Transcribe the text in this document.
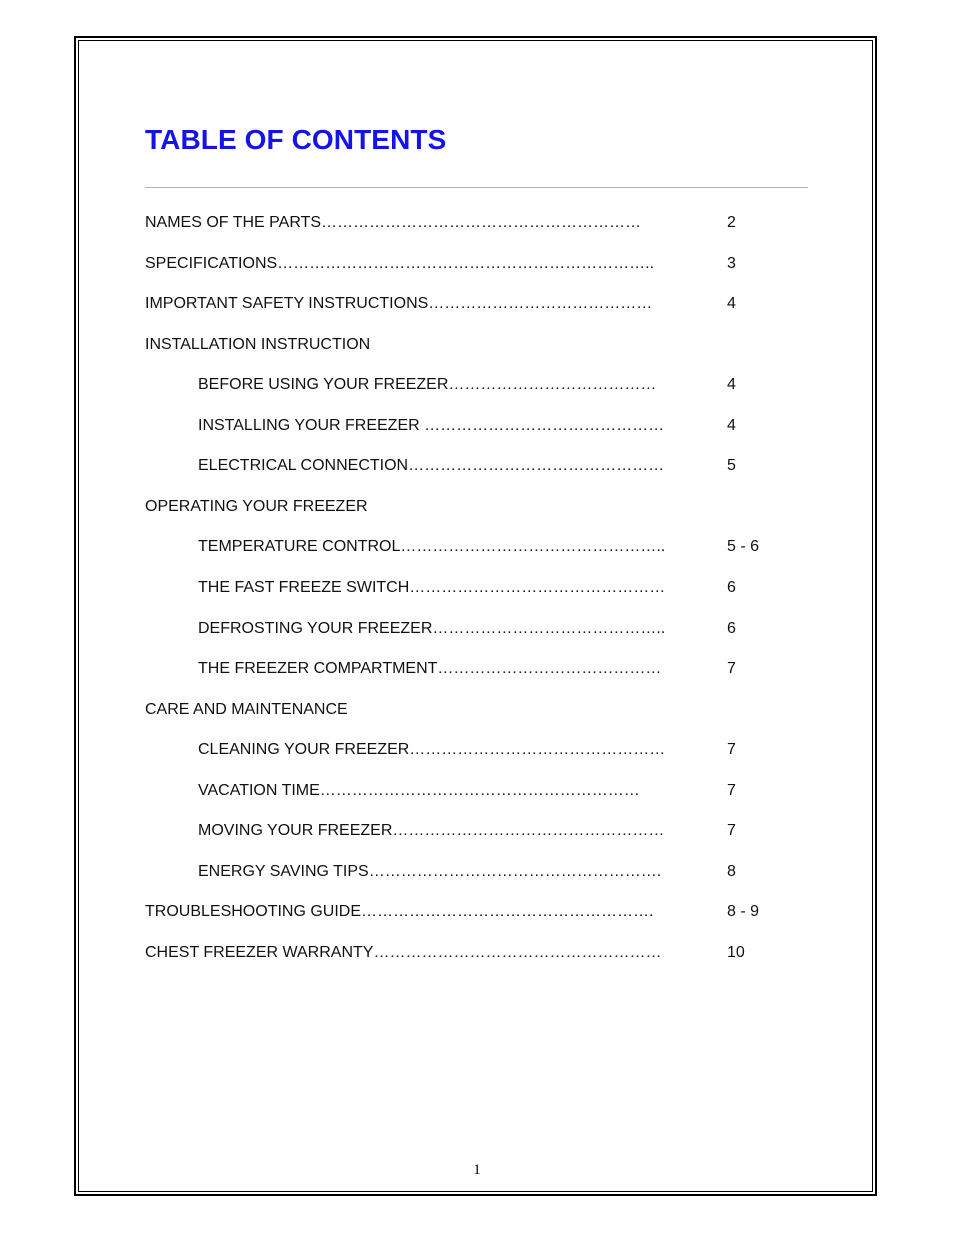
TABLE OF CONTENTS
NAMES OF THE PARTS……………………………………………………	2
SPECIFICATIONS……………………………………………………………..	3
IMPORTANT SAFETY INSTRUCTIONS……………………………………	4
INSTALLATION INSTRUCTION
BEFORE USING YOUR FREEZER…………………………………	4
INSTALLING YOUR FREEZER ………………………………………	4
ELECTRICAL CONNECTION…………………………………………	5
OPERATING YOUR FREEZER
TEMPERATURE CONTROL…………………………………………..	5 - 6
THE FAST FREEZE SWITCH…………………………………………	6
DEFROSTING YOUR FREEZER……………………………………..	6
THE FREEZER COMPARTMENT……………………………………	7
CARE AND MAINTENANCE
CLEANING YOUR FREEZER…………………………………………	7
VACATION TIME……………………………………………………	7
MOVING YOUR FREEZER……………………………………………	7
ENERGY SAVING TIPS……………………………………………….	8
TROUBLESHOOTING GUIDE……………………………………………….	8 - 9
CHEST FREEZER WARRANTY………………………………………………	10
1
